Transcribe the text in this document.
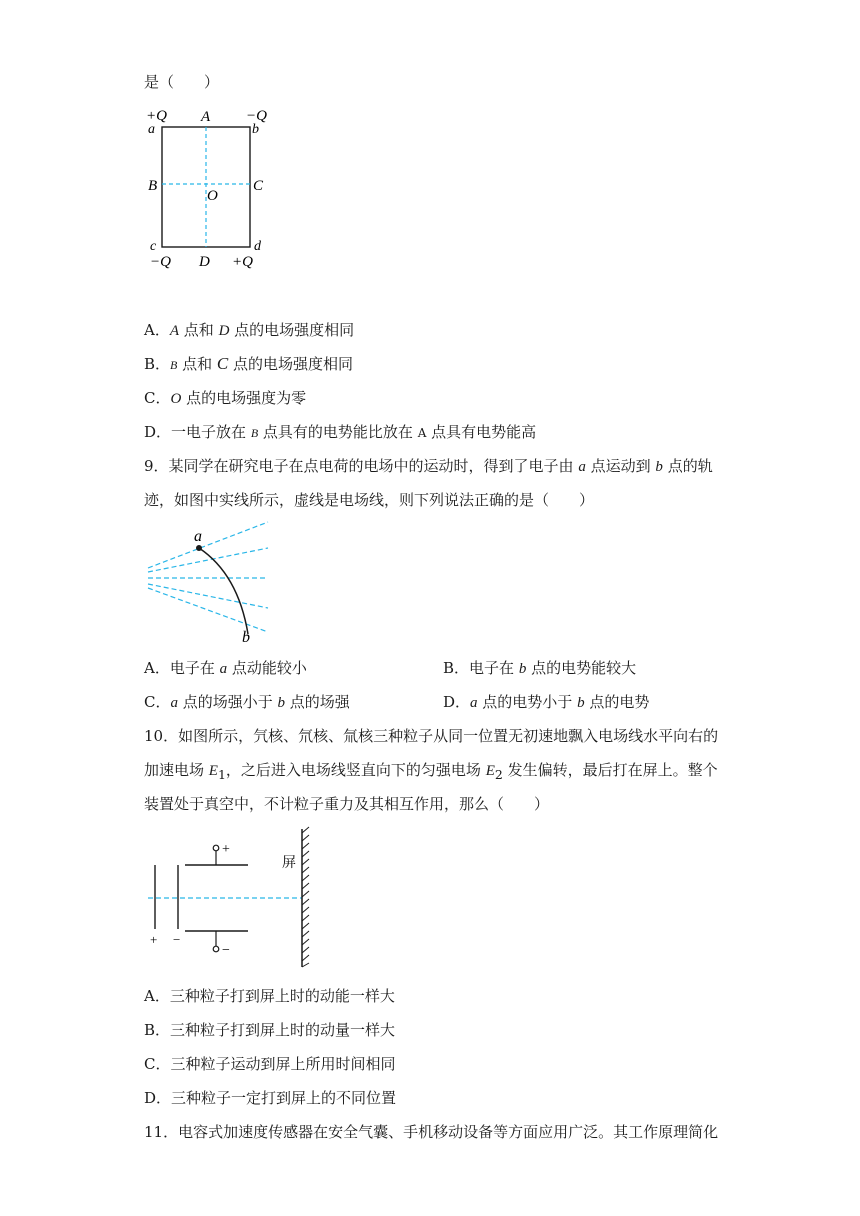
是（　　）
+Q
a
A −Q
b
B	C
O
c
−Q D
d
+Q
A．A 点和 D 点的电场强度相同
B．B 点和 C 点的电场强度相同
C．O 点的电场强度为零
D．一电子放在 B 点具有的电势能比放在 A 点具有电势能高
9．某同学在研究电子在点电荷的电场中的运动时，得到了电子由 a 点运动到 b 点的轨
迹，如图中实线所示，虚线是电场线，则下列说法正确的是（　　）
a
b
A．电子在 a 点动能较小	B．电子在 b 点的电势能较大
C．a 点的场强小于 b 点的场强	D．a 点的电势小于 b 点的电势
10．如图所示，氕核、氘核、氚核三种粒子从同一位置无初速地飘入电场线水平向右的
加速电场 $E_1$，之后进入电场线竖直向下的匀强电场 $E_2$ 发生偏转，最后打在屏上。整个
装置处于真空中，不计粒子重力及其相互作用，那么（　　）
+ −
+
−
屏
A．三种粒子打到屏上时的动能一样大
B．三种粒子打到屏上时的动量一样大
C．三种粒子运动到屏上所用时间相同
D．三种粒子一定打到屏上的不同位置
11．电容式加速度传感器在安全气囊、手机移动设备等方面应用广泛。其工作原理简化
